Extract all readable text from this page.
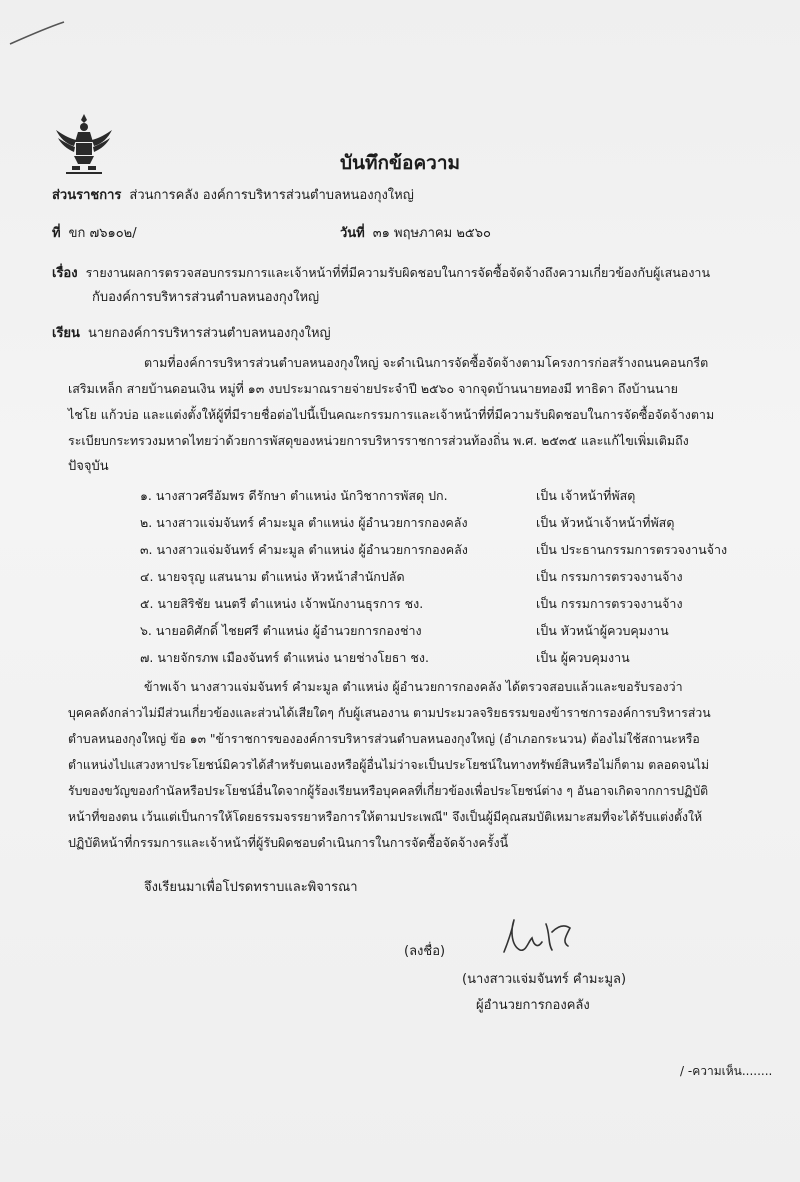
บันทึกข้อความ
ส่วนราชการ ส่วนการคลัง องค์การบริหารส่วนตำบลหนองกุงใหญ่
ที่ ขก ๗๖๑๐๒/	วันที่ ๓๑ พฤษภาคม ๒๕๖๐
เรื่อง รายงานผลการตรวจสอบกรรมการและเจ้าหน้าที่ที่มีความรับผิดชอบในการจัดซื้อจัดจ้างถึงความเกี่ยวข้องกับผู้เสนองาน
กับองค์การบริหารส่วนตำบลหนองกุงใหญ่
เรียน นายกองค์การบริหารส่วนตำบลหนองกุงใหญ่
ตามที่องค์การบริหารส่วนตำบลหนองกุงใหญ่ จะดำเนินการจัดซื้อจัดจ้างตามโครงการก่อสร้างถนนคอนกรีต
เสริมเหล็ก สายบ้านดอนเงิน หมู่ที่ ๑๓ งบประมาณรายจ่ายประจำปี ๒๕๖๐ จากจุดบ้านนายทองมี ทาธิดา ถึงบ้านนาย
ไชโย แก้วบ่อ และแต่งตั้งให้ผู้ที่มีรายชื่อต่อไปนี้เป็นคณะกรรมการและเจ้าหน้าที่ที่มีความรับผิดชอบในการจัดซื้อจัดจ้างตาม
ระเบียบกระทรวงมหาดไทยว่าด้วยการพัสดุของหน่วยการบริหารราชการส่วนท้องถิ่น พ.ศ. ๒๕๓๕ และแก้ไขเพิ่มเติมถึง
ปัจจุบัน
๑. นางสาวศรีอัมพร ดีรักษา ตำแหน่ง นักวิชาการพัสดุ ปก.	เป็น เจ้าหน้าที่พัสดุ
๒. นางสาวแจ่มจันทร์ คำมะมูล ตำแหน่ง ผู้อำนวยการกองคลัง	เป็น หัวหน้าเจ้าหน้าที่พัสดุ
๓. นางสาวแจ่มจันทร์ คำมะมูล ตำแหน่ง ผู้อำนวยการกองคลัง	เป็น ประธานกรรมการตรวจงานจ้าง
๔. นายจรุญ แสนนาม ตำแหน่ง หัวหน้าสำนักปลัด	เป็น กรรมการตรวจงานจ้าง
๕. นายสิริชัย นนตรี ตำแหน่ง เจ้าพนักงานธุรการ ชง.	เป็น กรรมการตรวจงานจ้าง
๖. นายอดิศักดิ์ ไชยศรี ตำแหน่ง ผู้อำนวยการกองช่าง	เป็น หัวหน้าผู้ควบคุมงาน
๗. นายจักรภพ เมืองจันทร์ ตำแหน่ง นายช่างโยธา ชง.	เป็น ผู้ควบคุมงาน
ข้าพเจ้า นางสาวแจ่มจันทร์ คำมะมูล ตำแหน่ง ผู้อำนวยการกองคลัง ได้ตรวจสอบแล้วและขอรับรองว่า
บุคคลดังกล่าวไม่มีส่วนเกี่ยวข้องและส่วนได้เสียใดๆ กับผู้เสนองาน ตามประมวลจริยธรรมของข้าราชการองค์การบริหารส่วน
ตำบลหนองกุงใหญ่ ข้อ ๑๓ "ข้าราชการขององค์การบริหารส่วนตำบลหนองกุงใหญ่ (อำเภอกระนวน) ต้องไม่ใช้สถานะหรือ
ตำแหน่งไปแสวงหาประโยชน์มิควรได้สำหรับตนเองหรือผู้อื่นไม่ว่าจะเป็นประโยชน์ในทางทรัพย์สินหรือไม่ก็ตาม ตลอดจนไม่
รับของขวัญของกำนัลหรือประโยชน์อื่นใดจากผู้ร้องเรียนหรือบุคคลที่เกี่ยวข้องเพื่อประโยชน์ต่าง ๆ อันอาจเกิดจากการปฏิบัติ
หน้าที่ของตน เว้นแต่เป็นการให้โดยธรรมจรรยาหรือการให้ตามประเพณี" จึงเป็นผู้มีคุณสมบัติเหมาะสมที่จะได้รับแต่งตั้งให้
ปฏิบัติหน้าที่กรรมการและเจ้าหน้าที่ผู้รับผิดชอบดำเนินการในการจัดซื้อจัดจ้างครั้งนี้
จึงเรียนมาเพื่อโปรดทราบและพิจารณา
(ลงชื่อ)
(นางสาวแจ่มจันทร์ คำมะมูล)
ผู้อำนวยการกองคลัง
/ -ความเห็น........
